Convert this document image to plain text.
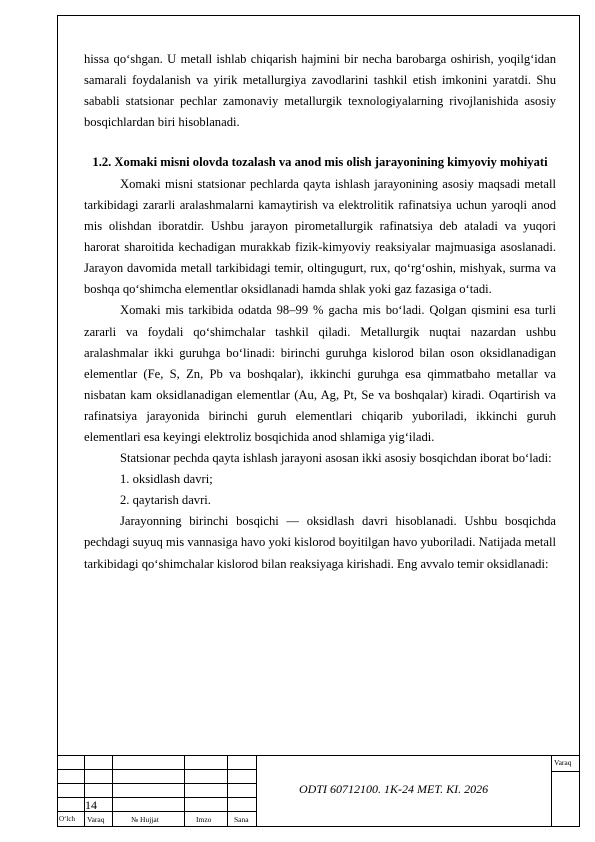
hissa qo‘shgan. U metall ishlab chiqarish hajmini bir necha barobarga oshirish, yoqilg‘idan samarali foydalanish va yirik metallurgiya zavodlarini tashkil etish imkonini yaratdi. Shu sababli statsionar pechlar zamonaviy metallurgik texnologiyalarning rivojlanishida asosiy bosqichlardan biri hisoblanadi.

1.2. Xomaki misni olovda tozalash va anod mis olish jarayonining kimyoviy mohiyati

Xomaki misni statsionar pechlarda qayta ishlash jarayonining asosiy maqsadi metall tarkibidagi zararli aralashmalarni kamaytirish va elektrolitik rafinatsiya uchun yaroqli anod mis olishdan iboratdir. Ushbu jarayon pirometallurgik rafinatsiya deb ataladi va yuqori harorat sharoitida kechadigan murakkab fizik-kimyoviy reaksiyalar majmuasiga asoslanadi. Jarayon davomida metall tarkibidagi temir, oltingugurt, rux, qo‘rg‘oshin, mishyak, surma va boshqa qo‘shimcha elementlar oksidlanadi hamda shlak yoki gaz fazasiga o‘tadi.

Xomaki mis tarkibida odatda 98–99 % gacha mis bo‘ladi. Qolgan qismini esa turli zararli va foydali qo‘shimchalar tashkil qiladi. Metallurgik nuqtai nazardan ushbu aralashmalar ikki guruhga bo‘linadi: birinchi guruhga kislorod bilan oson oksidlanadigan elementlar (Fe, S, Zn, Pb va boshqalar), ikkinchi guruhga esa qimmatbaho metallar va nisbatan kam oksidlanadigan elementlar (Au, Ag, Pt, Se va boshqalar) kiradi. Oqartirish va rafinatsiya jarayonida birinchi guruh elementlari chiqarib yuboriladi, ikkinchi guruh elementlari esa keyingi elektroliz bosqichida anod shlamiga yig‘iladi.

Statsionar pechda qayta ishlash jarayoni asosan ikki asosiy bosqichdan iborat bo‘ladi:

1. oksidlash davri;

2. qaytarish davri.

Jarayonning birinchi bosqichi — oksidlash davri hisoblanadi. Ushbu bosqichda pechdagi suyuq mis vannasiga havo yoki kislorod boyitilgan havo yuboriladi. Natijada metall tarkibidagi qo‘shimchalar kislorod bilan reaksiyaga kirishadi. Eng avvalo temir oksidlanadi:

14
O‘lch Varaq	№ Hujjat	Imzo	Sana
ODTI 60712100. 1K-24 MET. KI. 2026
Varaq
